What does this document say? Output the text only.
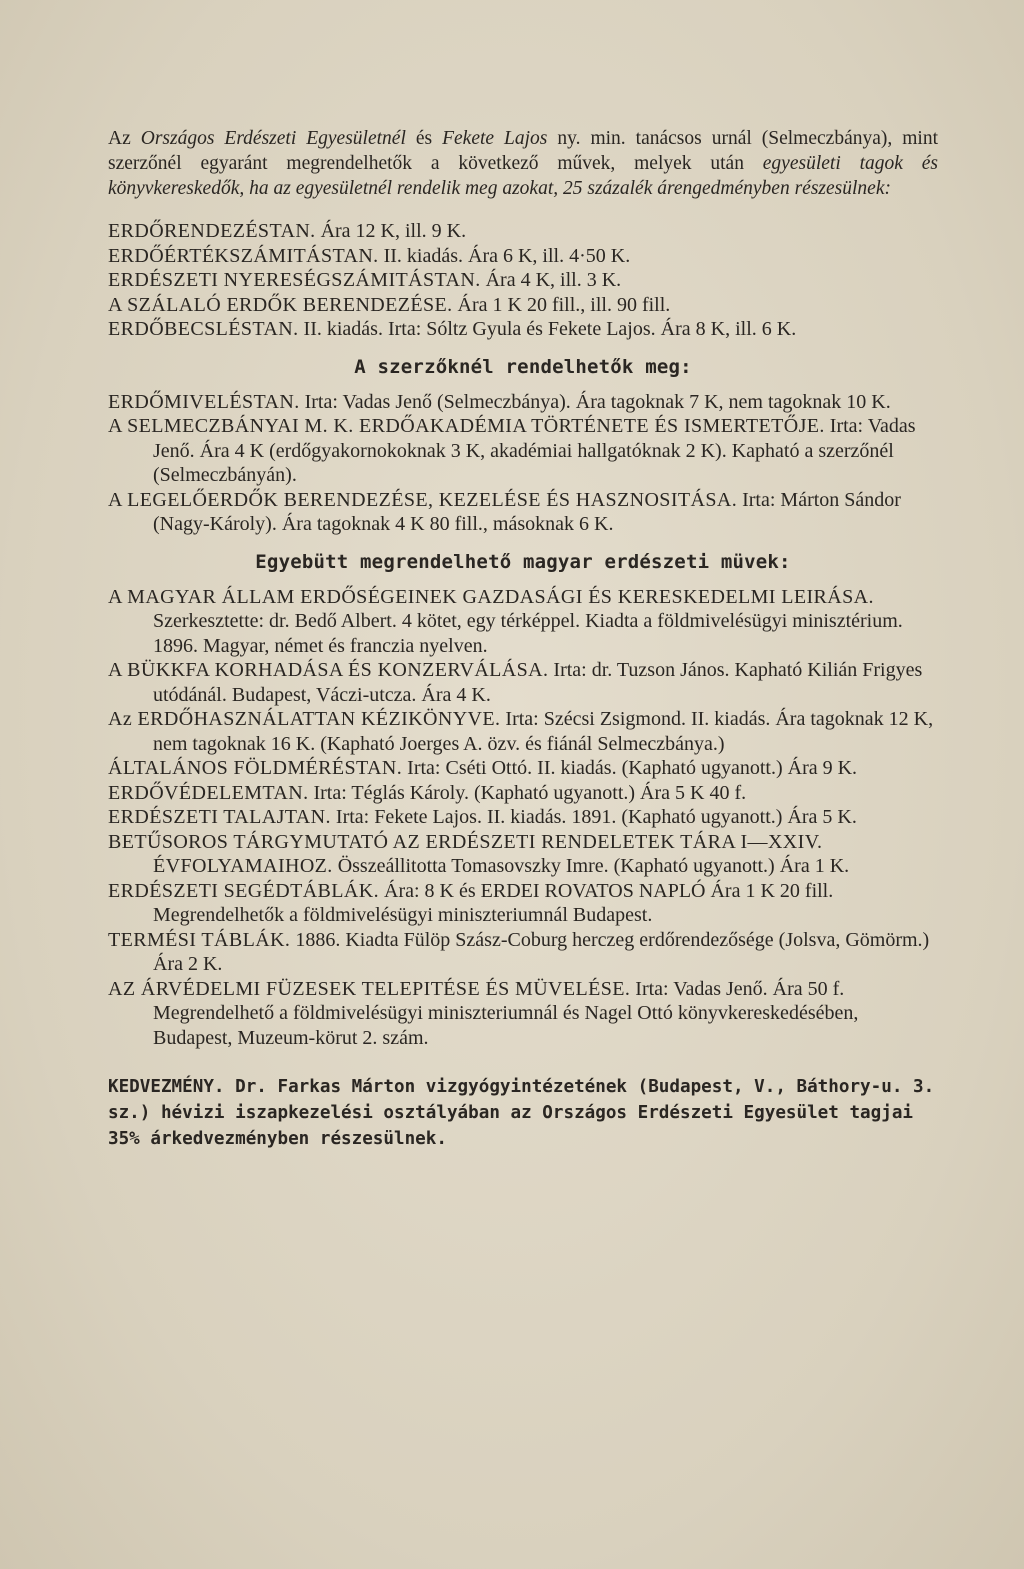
Az Országos Erdészeti Egyesületnél és Fekete Lajos ny. min. tanácsos urnál (Selmeczbánya), mint szerzőnél egyaránt megrendelhetők a következő művek, melyek után egyesületi tagok és könyvkereskedők, ha az egyesületnél rendelik meg azokat, 25 százalék árengedményben részesülnek:

ERDŐRENDEZÉSTAN. Ára 12 K, ill. 9 K.

ERDŐÉRTÉKSZÁMITÁSTAN. II. kiadás. Ára 6 K, ill. 4·50 K.

ERDÉSZETI NYERESÉGSZÁMITÁSTAN. Ára 4 K, ill. 3 K.

A SZÁLALÓ ERDŐK BERENDEZÉSE. Ára 1 K 20 fill., ill. 90 fill.

ERDŐBECSLÉSTAN. II. kiadás. Irta: Sóltz Gyula és Fekete Lajos. Ára 8 K, ill. 6 K.

A szerzőknél rendelhetők meg:

ERDŐMIVELÉSTAN. Irta: Vadas Jenő (Selmeczbánya). Ára tagoknak 7 K, nem tagoknak 10 K.

A SELMECZBÁNYAI M. K. ERDŐAKADÉMIA TÖRTÉNETE ÉS ISMERTETŐJE. Irta: Vadas Jenő. Ára 4 K (erdőgyakornokoknak 3 K, akadémiai hallgatóknak 2 K). Kapható a szerzőnél (Selmeczbányán).

A LEGELŐERDŐK BERENDEZÉSE, KEZELÉSE ÉS HASZNOSITÁSA. Irta: Márton Sándor (Nagy-Károly). Ára tagoknak 4 K 80 fill., másoknak 6 K.

Egyebütt megrendelhető magyar erdészeti müvek:

A MAGYAR ÁLLAM ERDŐSÉGEINEK GAZDASÁGI ÉS KERESKEDELMI LEIRÁSA. Szerkesztette: dr. Bedő Albert. 4 kötet, egy térképpel. Kiadta a földmivelésügyi minisztérium. 1896. Magyar, német és franczia nyelven.

A BÜKKFA KORHADÁSA ÉS KONZERVÁLÁSA. Irta: dr. Tuzson János. Kapható Kilián Frigyes utódánál. Budapest, Váczi-utcza. Ára 4 K.

Az ERDŐHASZNÁLATTAN KÉZIKÖNYVE. Irta: Szécsi Zsigmond. II. kiadás. Ára tagoknak 12 K, nem tagoknak 16 K. (Kapható Joerges A. özv. és fiánál Selmeczbánya.)

ÁLTALÁNOS FÖLDMÉRÉSTAN. Irta: Cséti Ottó. II. kiadás. (Kapható ugyanott.) Ára 9 K.

ERDŐVÉDELEMTAN. Irta: Téglás Károly. (Kapható ugyanott.) Ára 5 K 40 f.

ERDÉSZETI TALAJTAN. Irta: Fekete Lajos. II. kiadás. 1891. (Kapható ugyanott.) Ára 5 K.

BETŰSOROS TÁRGYMUTATÓ AZ ERDÉSZETI RENDELETEK TÁRA I—XXIV. ÉVFOLYAMAIHOZ. Összeállitotta Tomasovszky Imre. (Kapható ugyanott.) Ára 1 K.

ERDÉSZETI SEGÉDTÁBLÁK. Ára: 8 K és ERDEI ROVATOS NAPLÓ Ára 1 K 20 fill. Megrendelhetők a földmivelésügyi miniszteriumnál Budapest.

TERMÉSI TÁBLÁK. 1886. Kiadta Fülöp Szász-Coburg herczeg erdőrendezősége (Jolsva, Gömörm.) Ára 2 K.

AZ ÁRVÉDELMI FÜZESEK TELEPITÉSE ÉS MÜVELÉSE. Irta: Vadas Jenő. Ára 50 f. Megrendelhető a földmivelésügyi miniszteriumnál és Nagel Ottó könyvkereskedésében, Budapest, Muzeum-körut 2. szám.

KEDVEZMÉNY. Dr. Farkas Márton vizgyógyintézetének (Budapest, V., Báthory-u. 3. sz.) hévizi iszapkezelési osztályában az Országos Erdészeti Egyesület tagjai 35% árkedvezményben részesülnek.
